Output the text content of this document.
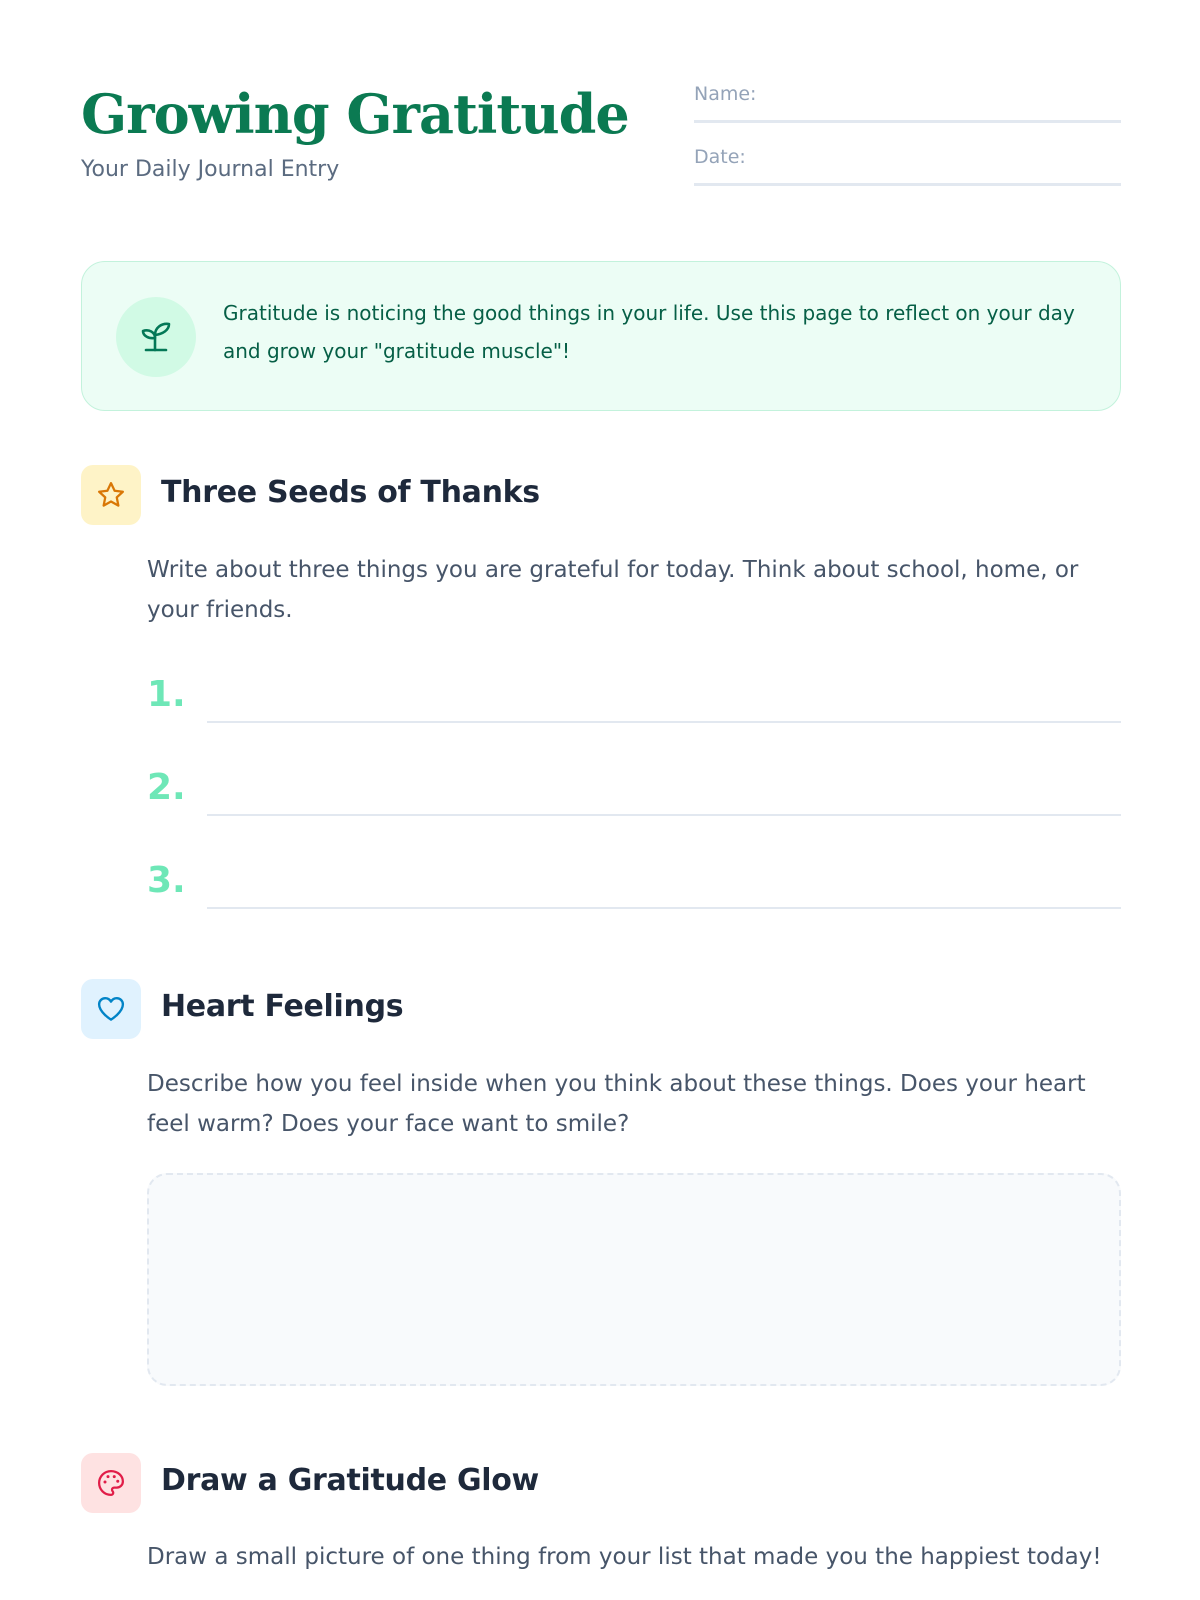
Growing Gratitude
Your Daily Journal Entry
Name:
Date:
Gratitude is noticing the good things in your life. Use this page to reflect on your day and grow your "gratitude muscle"!
Three Seeds of Thanks
Write about three things you are grateful for today. Think about school, home, or your friends.
1.
2.
3.
Heart Feelings
Describe how you feel inside when you think about these things. Does your heart feel warm? Does your face want to smile?
Draw a Gratitude Glow
Draw a small picture of one thing from your list that made you the happiest today!
